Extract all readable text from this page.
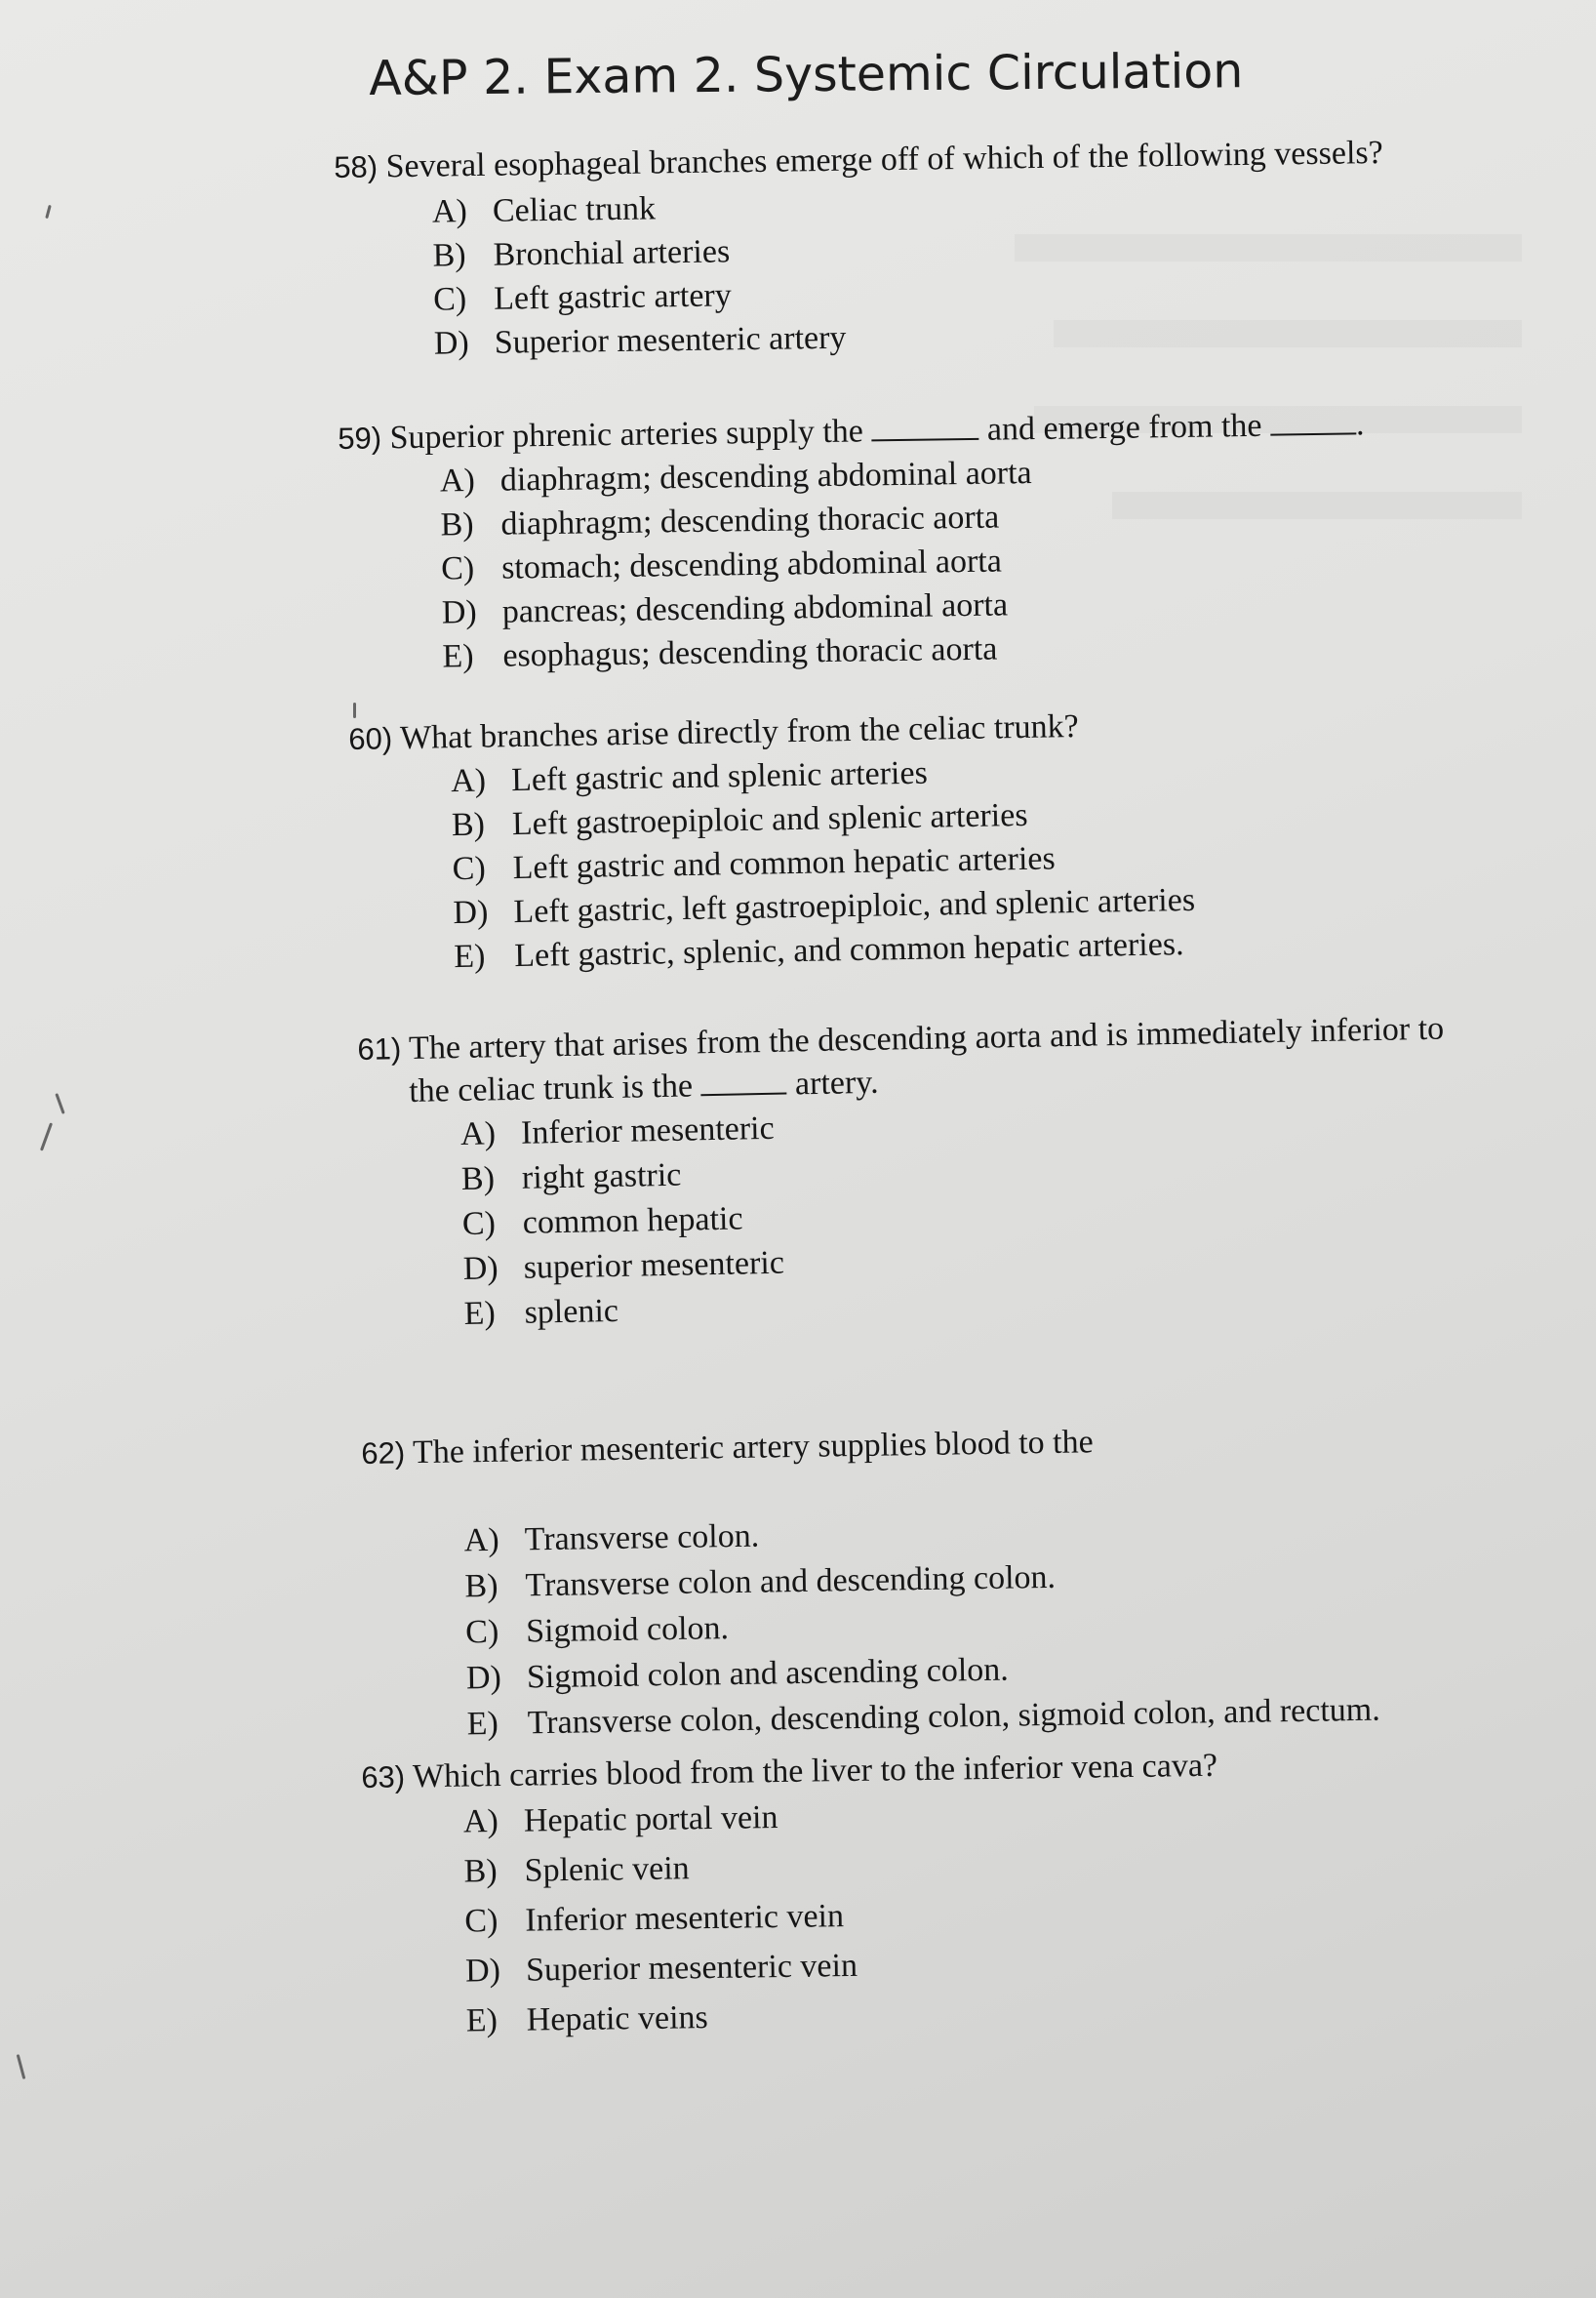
A&P 2. Exam 2. Systemic Circulation
58) Several esophageal branches emerge off of which of the following vessels?
A) Celiac trunk
B) Bronchial arteries
C) Left gastric artery
D) Superior mesenteric artery
59) Superior phrenic arteries supply the	and emerge from the	.
A) diaphragm; descending abdominal aorta
B) diaphragm; descending thoracic aorta
C) stomach; descending abdominal aorta
D) pancreas; descending abdominal aorta
E) esophagus; descending thoracic aorta
60) What branches arise directly from the celiac trunk?
A) Left gastric and splenic arteries
B) Left gastroepiploic and splenic arteries
C) Left gastric and common hepatic arteries
D) Left gastric, left gastroepiploic, and splenic arteries
E) Left gastric, splenic, and common hepatic arteries.
61) The artery that arises from the descending aorta and is immediately inferior to
the celiac trunk is the	artery.
A) Inferior mesenteric
B) right gastric
C) common hepatic
D) superior mesenteric
E) splenic
62) The inferior mesenteric artery supplies blood to the
A) Transverse colon.
B) Transverse colon and descending colon.
C) Sigmoid colon.
D) Sigmoid colon and ascending colon.
E) Transverse colon, descending colon, sigmoid colon, and rectum.
63) Which carries blood from the liver to the inferior vena cava?
A) Hepatic portal vein
B) Splenic vein
C) Inferior mesenteric vein
D) Superior mesenteric vein
E) Hepatic veins
